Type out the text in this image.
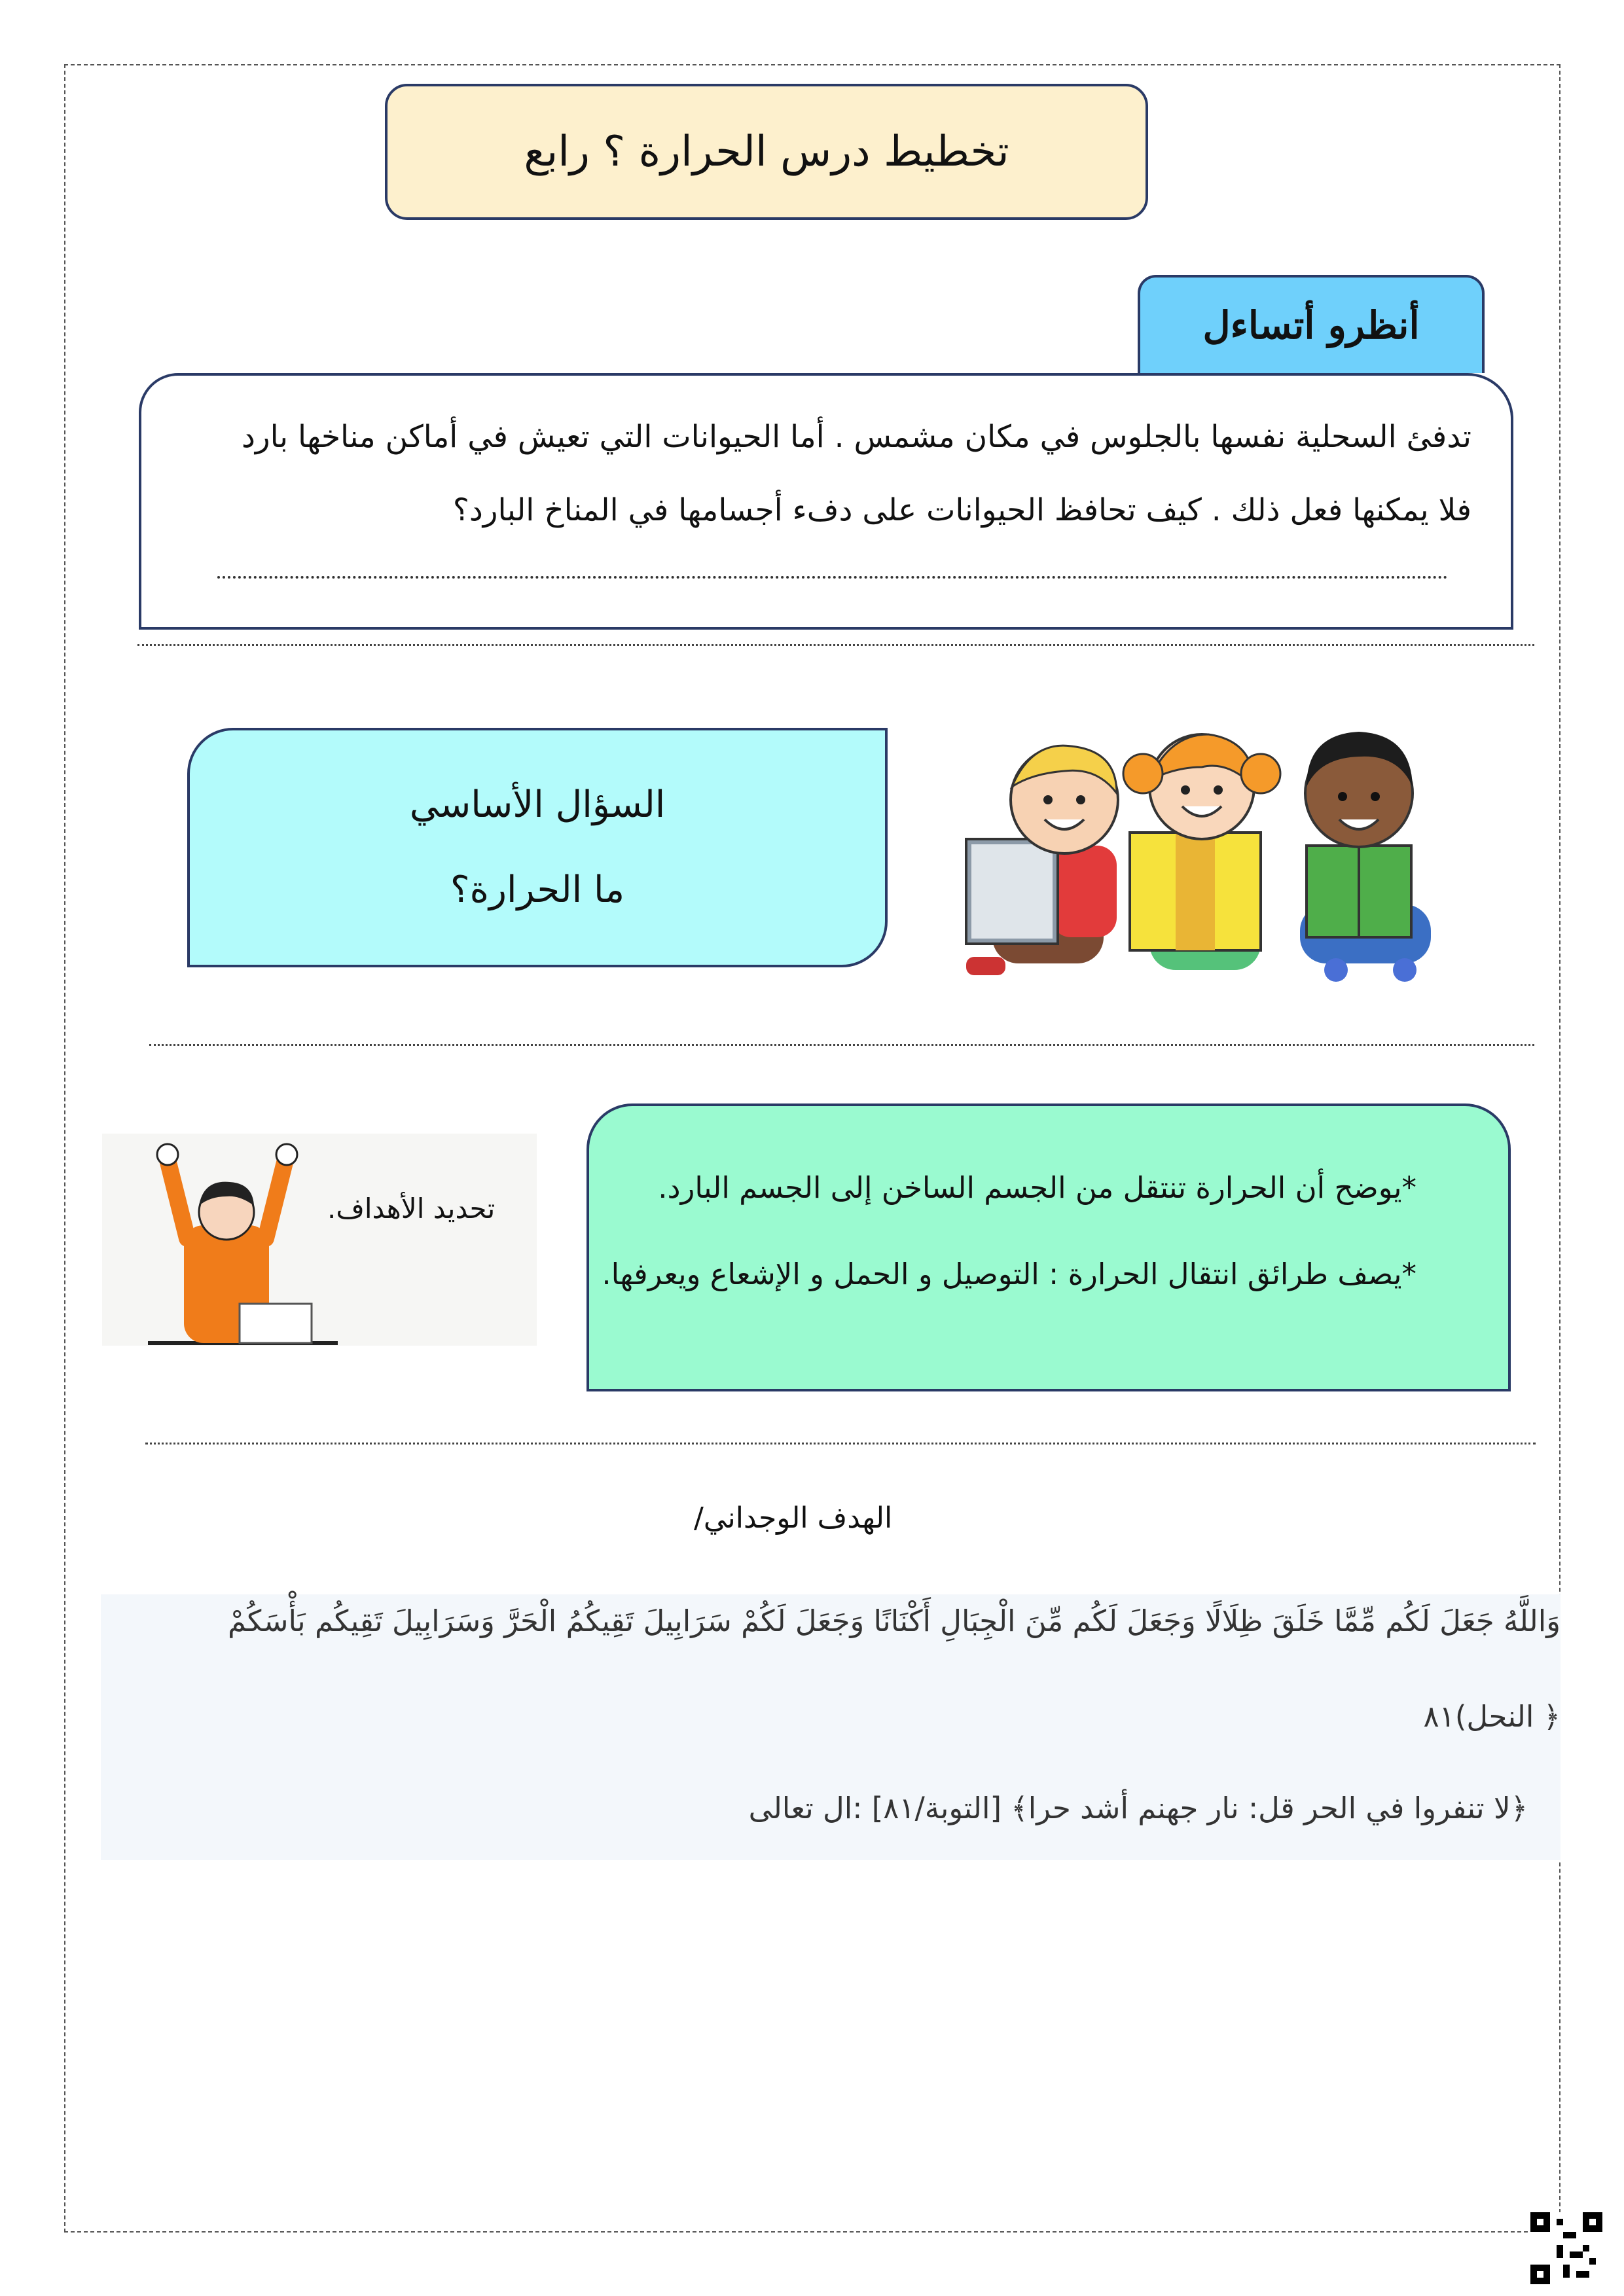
تخطيط درس الحرارة ؟ رابع
أنظرو أتساءل
تدفئ السحلية نفسها بالجلوس في مكان مشمس . أما الحيوانات التي تعيش في أماكن مناخها بارد
فلا يمكنها فعل ذلك . كيف تحافظ الحيوانات على دفء أجسامها في المناخ البارد؟
السؤال الأساسي
ما الحرارة؟
تحديد الأهداف.
*يوضح أن الحرارة تنتقل من الجسم الساخن إلى الجسم البارد.
*يصف طرائق انتقال الحرارة : التوصيل و الحمل و الإشعاع ويعرفها.
الهدف الوجداني/
وَاللَّهُ جَعَلَ لَكُم مِّمَّا خَلَقَ ظِلَالًا وَجَعَلَ لَكُم مِّنَ الْجِبَالِ أَكْنَانًا وَجَعَلَ لَكُمْ سَرَابِيلَ تَقِيكُمُ الْحَرَّ وَسَرَابِيلَ تَقِيكُم بَأْسَكُمْ
﴿ النحل)٨١
﴿لا تنفروا في الحر قل: نار جهنم أشد حرا﴾ [التوبة/٨١] :ال تعالى
